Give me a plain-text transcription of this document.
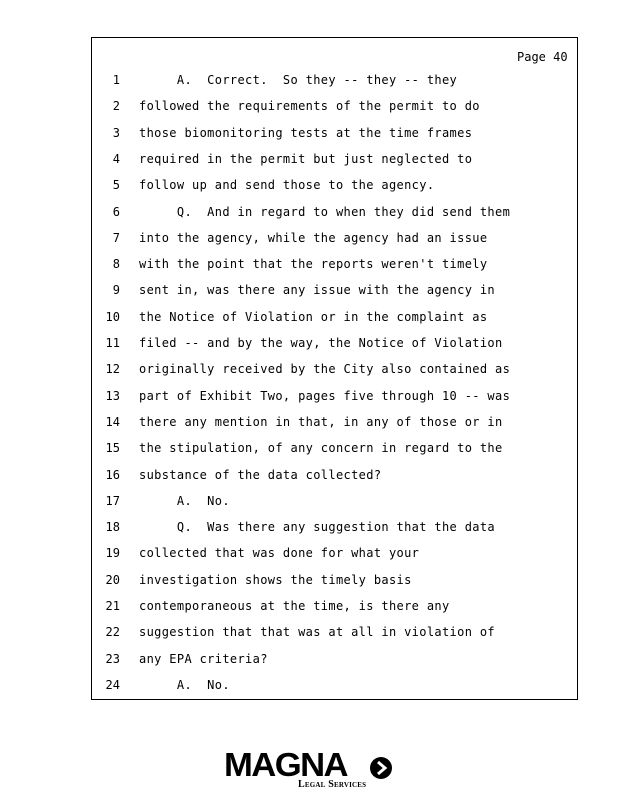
Page 40
1 A.  Correct.  So they -- they -- they
2 followed the requirements of the permit to do
3 those biomonitoring tests at the time frames
4 required in the permit but just neglected to
5 follow up and send those to the agency.
6 Q.  And in regard to when they did send them
7 into the agency, while the agency had an issue
8 with the point that the reports weren't timely
9 sent in, was there any issue with the agency in
10 the Notice of Violation or in the complaint as
11 filed -- and by the way, the Notice of Violation
12 originally received by the City also contained as
13 part of Exhibit Two, pages five through 10 -- was
14 there any mention in that, in any of those or in
15 the stipulation, of any concern in regard to the
16 substance of the data collected?
17 A.  No.
18 Q.  Was there any suggestion that the data
19 collected that was done for what your
20 investigation shows the timely basis
21 contemporaneous at the time, is there any
22 suggestion that that was at all in violation of
23 any EPA criteria?
24 A.  No.
MAGNA
Legal Services
